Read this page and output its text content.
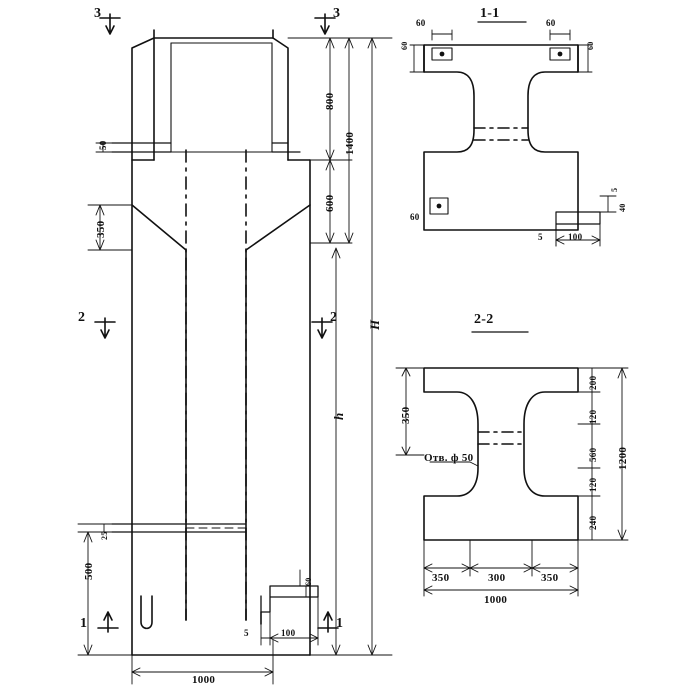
3	3
2	2
1	1
800
600
1400
h
H
350
500
25
50
1000
5	100
60
1-1
60	60
60	60
60
5	100
5
40
2-2
350
1200
200
120
560
120
240
350	300	350
1000
Отв. ф 50
